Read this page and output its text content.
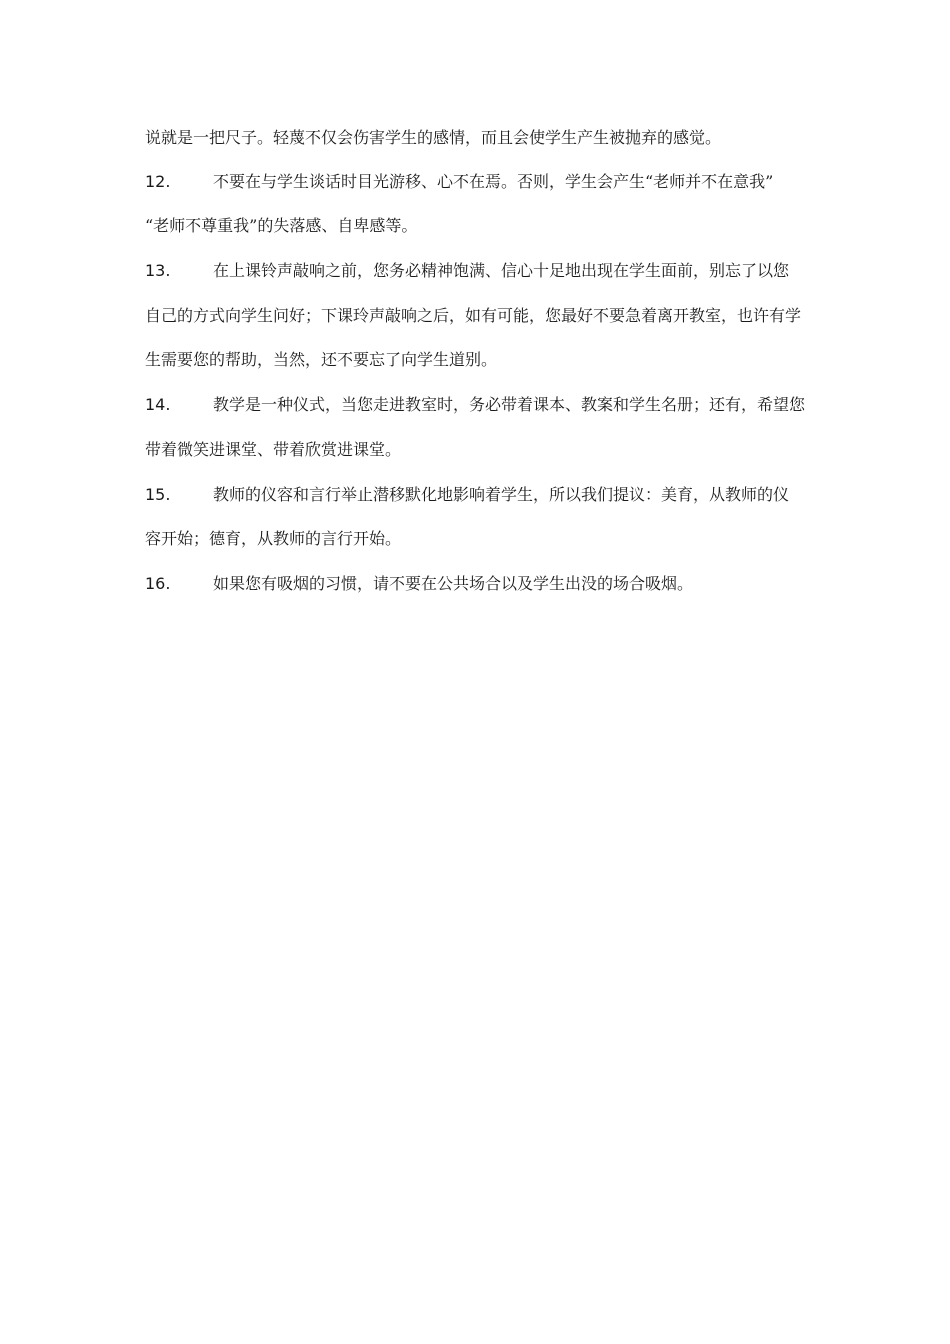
说就是一把尺子。轻蔑不仅会伤害学生的感情，而且会使学生产生被抛弃的感觉。
12.	不要在与学生谈话时目光游移、心不在焉。否则，学生会产生“老师并不在意我”
“老师不尊重我”的失落感、自卑感等。
13.	在上课铃声敲响之前，您务必精神饱满、信心十足地出现在学生面前，别忘了以您
自己的方式向学生问好；下课玲声敲响之后，如有可能，您最好不要急着离开教室，也许有学
生需要您的帮助，当然，还不要忘了向学生道别。
14.	教学是一种仪式，当您走进教室时，务必带着课本、教案和学生名册；还有，希望您
带着微笑进课堂、带着欣赏进课堂。
15.	教师的仪容和言行举止潜移默化地影响着学生，所以我们提议：美育，从教师的仪
容开始；德育，从教师的言行开始。
16.	如果您有吸烟的习惯，请不要在公共场合以及学生出没的场合吸烟。
